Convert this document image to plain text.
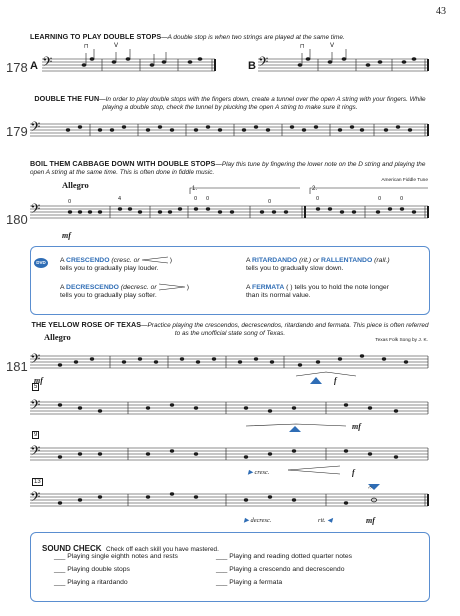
43
LEARNING TO PLAY DOUBLE STOPS—A double stop is when two strings are played at the same time.
178 A	B
𝄢	𝄢
⊓	V	⊓	V
DOUBLE THE FUN—In order to play double stops with the fingers down, create a tunnel over the open A string with your fingers. While playing a double stop, check the tunnel by plucking the open A string to make sure it rings.
179 𝄢
BOIL THEM CABBAGE DOWN WITH DOUBLE STOPS—Play this tune by fingering the lower note on the D string and playing the open A string at the same time. This is often done in fiddle music.
American Fiddle Tune
Allegro
180
mf
1.	2.
𝄢	0	4	0 0	0	0	0	0
DVD	A CRESCENDO (cresc. or	)
tells you to gradually play louder.
A DECRESCENDO (decresc. or	)
tells you to gradually play softer.
A RITARDANDO (rit.) or RALLENTANDO (rall.)
tells you to gradually slow down.
A FERMATA ( ) tells you to hold the note longer
than its normal value.
THE YELLOW ROSE OF TEXAS—Practice playing the crescendos, decrescendos, ritardando and fermata. This piece is often referred to as the unofficial state song of Texas.
Texas Folk Song by J. K.
Allegro
181
mf	f
mf
f
mf
5
9
13
▶ cresc.
▶ decresc.	rit. ◀
𝄢
𝄢
𝄢
𝄢
𝄐
SOUND CHECK Check off each skill you have mastered.
___ Playing single eighth notes and rests
___ Playing double stops
___ Playing a ritardando
___ Playing and reading dotted quarter notes
___ Playing a crescendo and decrescendo
___ Playing a fermata
